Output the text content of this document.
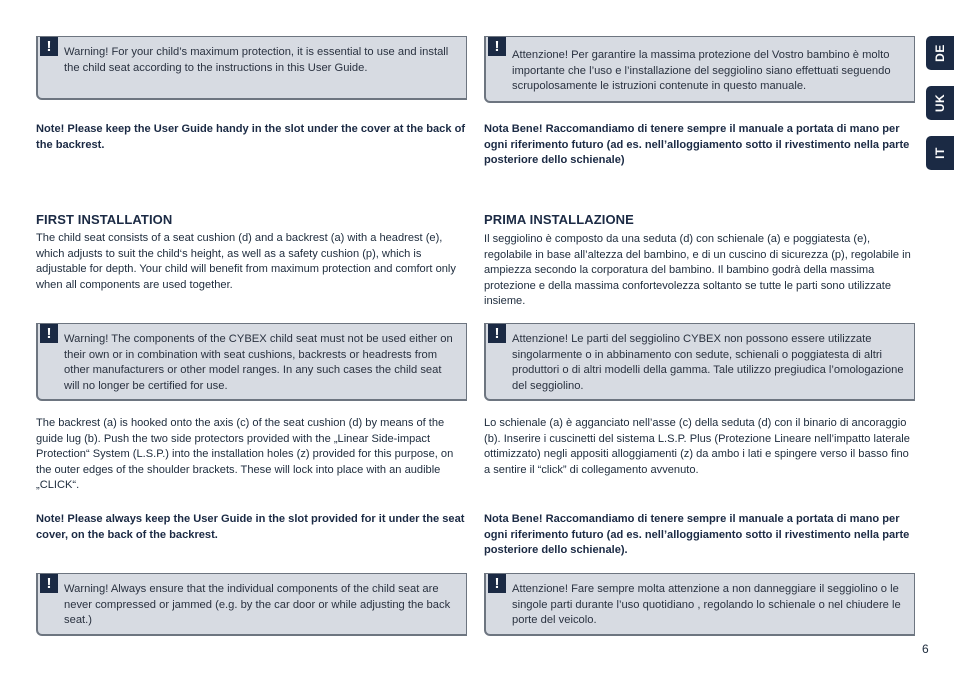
DE
UK
IT
!	Warning! For your child’s maximum protection, it is essential to use and install the child seat according to the instructions in this User Guide.
Note! Please keep the User Guide handy in the slot under the cover at the back of the backrest.
FIRST INSTALLATION
The child seat consists of a seat cushion (d) and a backrest (a) with a headrest (e), which adjusts to suit the child‘s height, as well as a safety cushion (p), which is adjustable for depth. Your child will benefit from maximum protection and comfort only when all components are used together.
!	Warning! The components of the CYBEX child seat must not be used either on their own or in combination with seat cushions, backrests or headrests from other manufacturers or other model ranges. In any such cases the child seat will no longer be certified for use.
The backrest (a) is hooked onto the axis (c) of the seat cushion (d) by means of the guide lug (b). Push the two side protectors provided with the „Linear Side-impact Protection“ System (L.S.P.) into the installation holes (z) provided for this purpose, on the outer edges of the shoulder brackets. These will lock into place with an audible „CLICK“.
Note! Please always keep the User Guide in the slot provided for it under the seat cover, on the back of the backrest.
!	Warning! Always ensure that the individual components of the child seat are never compressed or jammed (e.g. by the car door or while adjusting the back seat.)
!	Attenzione! Per garantire la massima protezione del Vostro bambino è molto importante che l’uso e l’installazione del seggiolino siano effettuati seguendo scrupolosamente le istruzioni contenute in questo manuale.
Nota Bene! Raccomandiamo di tenere sempre il manuale a portata di mano per ogni riferimento futuro (ad es. nell’alloggiamento sotto il rivestimento nella parte posteriore dello schienale)
PRIMA INSTALLAZIONE
Il seggiolino è composto da una seduta (d) con schienale (a) e poggiatesta (e), regolabile in base all’altezza del bambino, e di un cuscino di sicurezza (p), regolabile in ampiezza secondo la corporatura del bambino. Il bambino godrà della massima protezione e della massima confortevolezza soltanto se tutte le parti sono utilizzate insieme.
!	Attenzione! Le parti del seggiolino CYBEX non possono essere utilizzate singolarmente o in abbinamento con sedute, schienali o poggiatesta di altri produttori o di altri modelli della gamma. Tale utilizzo pregiudica l’omologazione del seggiolino.
Lo schienale (a) è agganciato nell’asse (c) della seduta (d) con il binario di ancoraggio (b). Inserire i cuscinetti del sistema L.S.P. Plus (Protezione Lineare nell’impatto laterale ottimizzato) negli appositi alloggiamenti (z) da ambo i lati e spingere verso il basso fino a sentire il “click” di collegamento avvenuto.
Nota Bene! Raccomandiamo di tenere sempre il manuale a portata di mano per ogni riferimento futuro (ad es. nell’alloggiamento sotto il rivestimento nella parte posteriore dello schienale).
!	Attenzione! Fare sempre molta attenzione a non danneggiare il seggiolino o le singole parti durante l’uso quotidiano , regolando lo schienale o nel chiudere le porte del veicolo.
6
